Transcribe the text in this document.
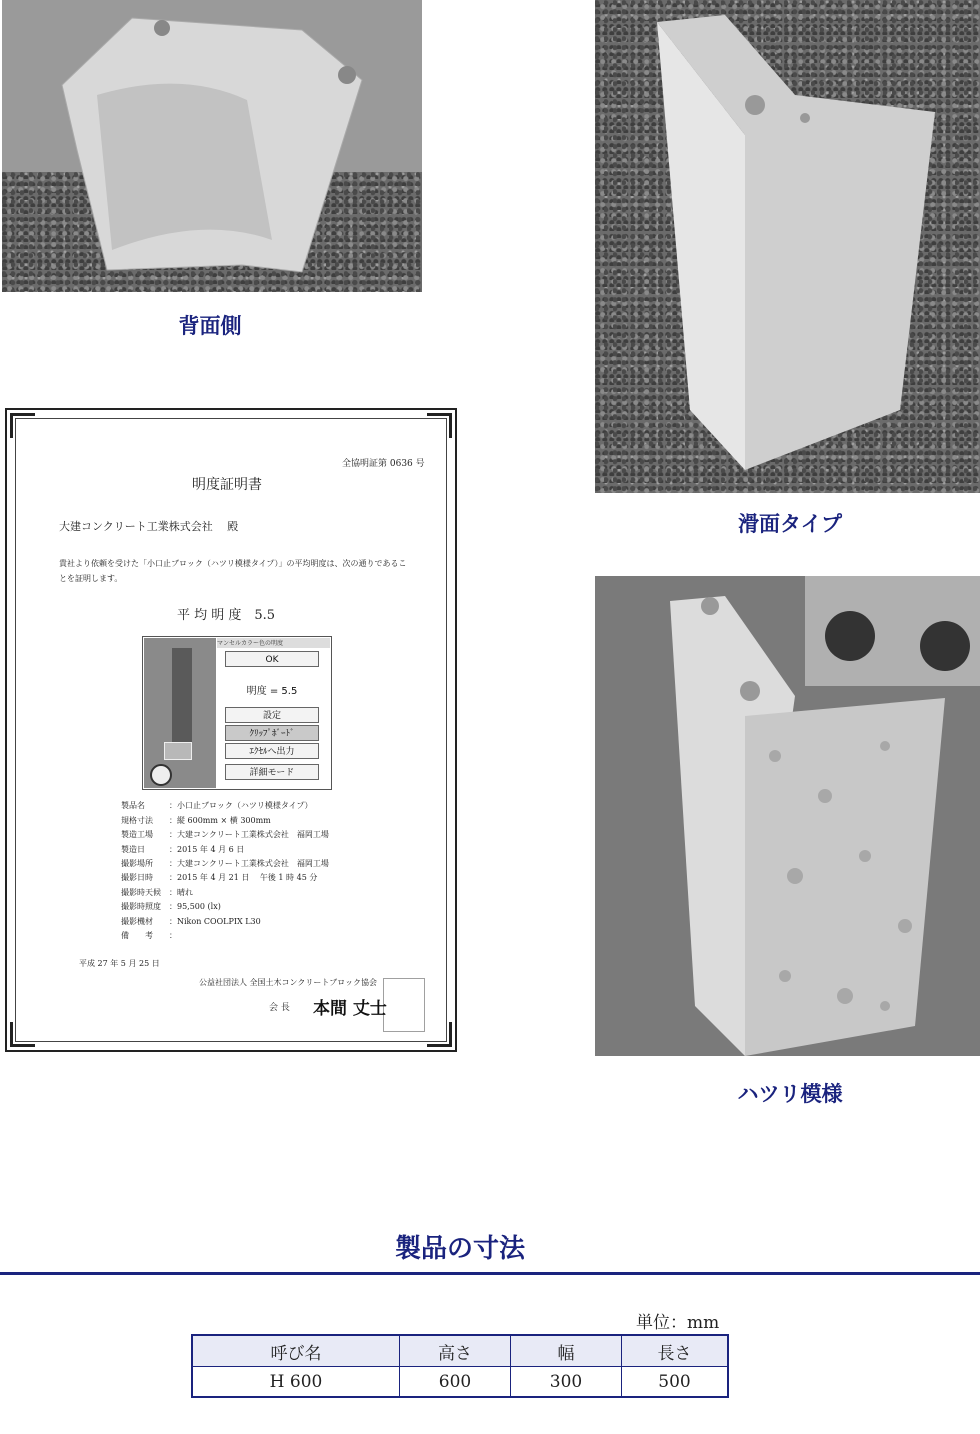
背面側
滑面タイプ
ハツリ模様
全協明証第 0636 号
明度証明書
大建コンクリート工業株式会社　 殿
貴社より依頼を受けた「小口止ブロック（ハツリ模様タイプ）」の平均明度は、次の通りであるこ
とを証明します。
平 均 明 度　5.5
マンセルカラー色の明度
OK
明度 = 5.5
設定
ｸﾘｯﾌﾟﾎﾞｰﾄﾞ
ｴｸｾﾙへ出力
詳細モード
製品名	：小口止ブロック（ハツリ模様タイプ）
規格寸法 ：縦 600mm × 横 300mm
製造工場 ：大建コンクリート工業株式会社　福岡工場
製造日	：2015 年 4 月 6 日
撮影場所 ：大建コンクリート工業株式会社　福岡工場
撮影日時 ：2015 年 4 月 21 日　 午後 1 時 45 分
撮影時天候 ：晴れ
撮影時照度 ：95,500 (lx)
撮影機材 ：Nikon COOLPIX L30
備　　考 ：
平成 27 年 5 月 25 日
公益社団法人 全国土木コンクリートブロック協会
会 長 本間 丈士
製品の寸法
単位：mm
呼び名	高さ	幅	長さ
H 600	600	300	500
